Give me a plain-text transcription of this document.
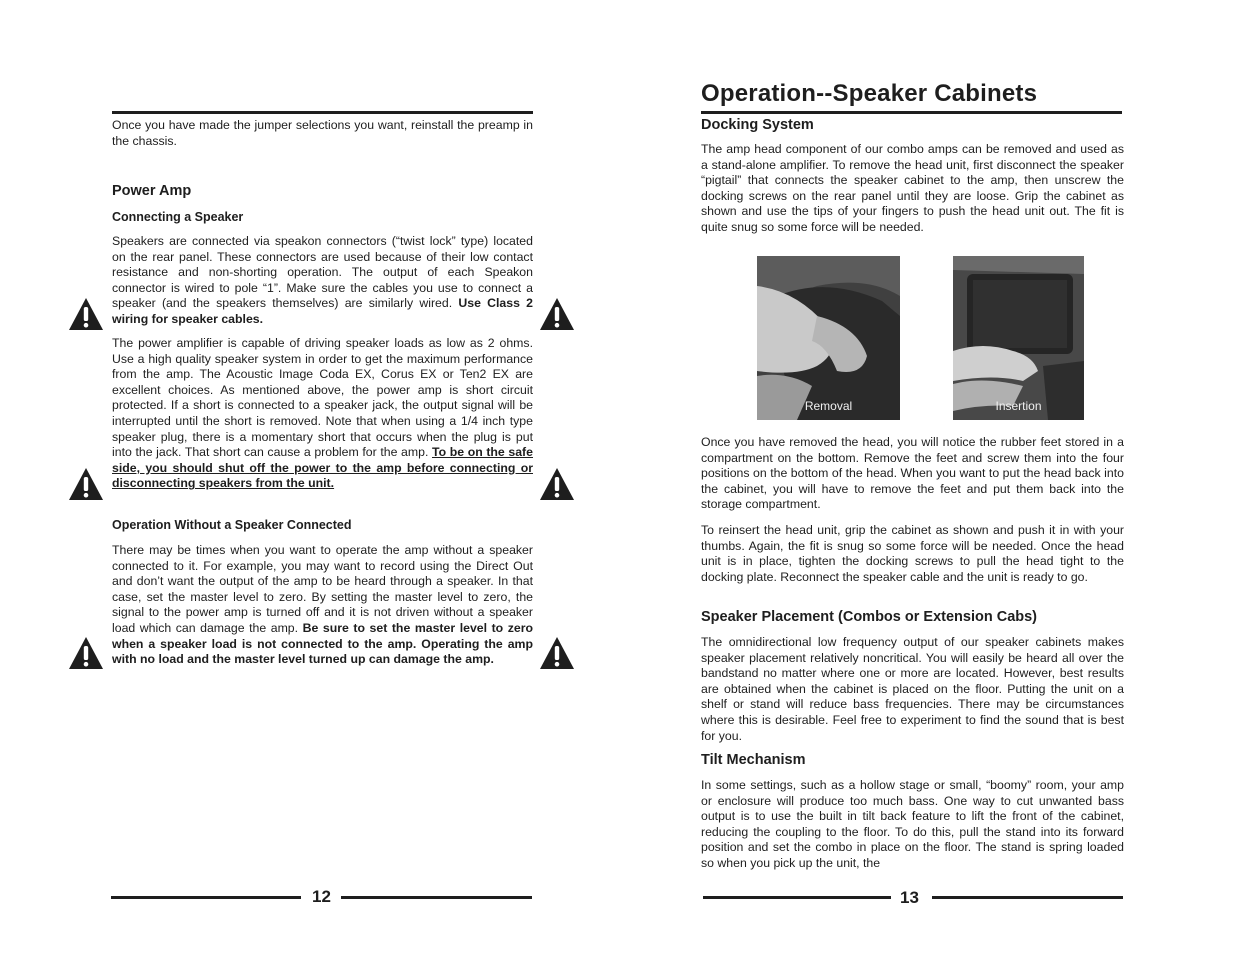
Once you have made the jumper selections you want, reinstall the preamp in the chassis.

Power Amp
Connecting a Speaker

Speakers are connected via speakon connectors (“twist lock” type) located on the rear panel. These connectors are used because of their low contact resistance and non-shorting operation. The output of each Speakon connector is wired to pole “1”. Make sure the cables you use to connect a speaker (and the speakers themselves) are similarly wired. Use Class 2 wiring for speaker cables.

The power amplifier is capable of driving speaker loads as low as 2 ohms. Use a high quality speaker system in order to get the maximum performance from the amp. The Acoustic Image Coda EX, Corus EX or Ten2 EX are excellent choices. As mentioned above, the power amp is short circuit protected. If a short is connected to a speaker jack, the output signal will be interrupted until the short is removed. Note that when using a 1/4 inch type speaker plug, there is a momentary short that occurs when the plug is put into the jack. That short can cause a problem for the amp. To be on the safe side, you should shut off the power to the amp before connecting or disconnecting speakers from the unit.

Operation Without a Speaker Connected

There may be times when you want to operate the amp without a speaker connected to it. For example, you may want to record using the Direct Out and don’t want the output of the amp to be heard through a speaker. In that case, set the master level to zero. By setting the master level to zero, the signal to the power amp is turned off and it is not driven without a speaker load which can damage the amp. Be sure to set the master level to zero when a speaker load is not connected to the amp. Operating the amp with no load and the master level turned up can damage the amp.

12
Operation--Speaker Cabinets
Docking System

The amp head component of our combo amps can be removed and used as a stand-alone amplifier. To remove the head unit, first disconnect the speaker “pigtail” that connects the speaker cabinet to the amp, then unscrew the docking screws on the rear panel until they are loose. Grip the cabinet as shown and use the tips of your fingers to push the head unit out. The fit is quite snug so some force will be needed.

Removal	Insertion

Once you have removed the head, you will notice the rubber feet stored in a compartment on the bottom. Remove the feet and screw them into the four positions on the bottom of the head. When you want to put the head back into the cabinet, you will have to remove the feet and put them back into the storage compartment.

To reinsert the head unit, grip the cabinet as shown and push it in with your thumbs. Again, the fit is snug so some force will be needed. Once the head unit is in place, tighten the docking screws to pull the head tight to the docking plate. Reconnect the speaker cable and the unit is ready to go.

Speaker Placement (Combos or Extension Cabs)

The omnidirectional low frequency output of our speaker cabinets makes speaker placement relatively noncritical. You will easily be heard all over the bandstand no matter where one or more are located. However, best results are obtained when the cabinet is placed on the floor. Putting the unit on a shelf or stand will reduce bass frequencies. There may be circumstances where this is desirable. Feel free to experiment to find the sound that is best for you.

Tilt Mechanism

In some settings, such as a hollow stage or small, “boomy” room, your amp or enclosure will produce too much bass. One way to cut unwanted bass output is to use the built in tilt back feature to lift the front of the cabinet, reducing the coupling to the floor. To do this, pull the stand into its forward position and set the combo in place on the floor. The stand is spring loaded so when you pick up the unit, the

13
